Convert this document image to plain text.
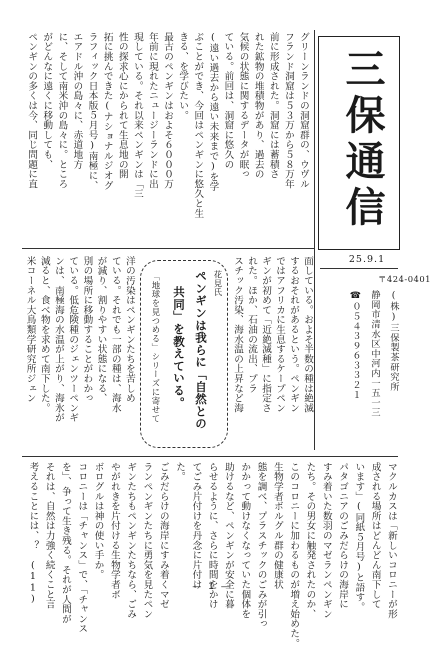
三保通信
25.9.1
〒424-0401
(株)三保製茶研究所
静岡市清水区中河内一五一三
☎０５４３９６３３２１
グリーンランドの洞窟群の、ウヴル
フランド洞窟は５３万から５８万年
前に形成された。洞窟には蓄積さ
れた鉱物の堆積物があり、過去の
気候の状態に関するデータが眠っ
ている。前回は、洞窟に悠久の
(遠い過去から遠い未来まで)を学
ぶことができ、今回はペンギンに悠久と生
きる、を学びたい。
最古のペンギンはおよそ６０００万
年前に現れたニュージーランドに出
現している。それ以来ペンギンは「三
性の探求心にかられて生息地の開
拓に挑んできた(ナショナルジオグ
ラフィック日本版５月号)南極に、
エアドル沖の島々に、赤道地方
に、そして南米沖の島々に。ところ
がどんなに遠くに移動しても、
ペンギンの多くは今、同じ問題に直
ペンギンは我らに「自然との
共同」を教えている。
花見氏
「地球を見つめる」シリーズに寄せて
洋の汚染はペンギンたちを苦しめ
ている。それでも一部の種は、海水
が減り、割りやすい状態になる、
別の場所に移動することがわかっ
ている。低危険種のジェンツーペンギ
ンは、南極海の水温が上がり、海氷が
減ると、食べ物を求めて南下した。
米コーネル大鳥類学研究所ジェン	面している。およそ半数の種は絶滅
するおそれがあるという。ペンギン
ではアフリカに生息するケープペン
ギンが初めて「近絶滅種」に指定さ
れた。ほか、石油の流出、プラ
スチック汚染、海水温の上昇など海
マクルカスは「新しいコロニーが形
成される場所はどんどん南下して
います」(同紙５月号)と語す。
パタゴニアのごみだらけの海岸に
すみ着いた数羽のマゼランペンギン
たち。その男女に触発されたのか、
このコロニーに加わるものが増え始めた。
生物学者ボルグル群の健康状
態を調べ、プラスチックのごみが引っ
かかって動けなくなっていた個体を
助けるなど、ペンギンが安全に暮
らせるように、さらに時間をかけ
てごみ片付けを丹念に片付け
た。
ごみだらけの海岸にすみ着くマゼ
ランペンギンたちに勇気を見たペン
ギンたちもペンギンたちなら、ごみ
やがれきを片付ける生物学者ボ
ボログルは神の使い手か。
コロニーは「チャンス」で、「チャンス
を」、争って生き残る。それが人間が
それは、自然は力強く続くこと言
考えることには、？　(11)	— 1 —
